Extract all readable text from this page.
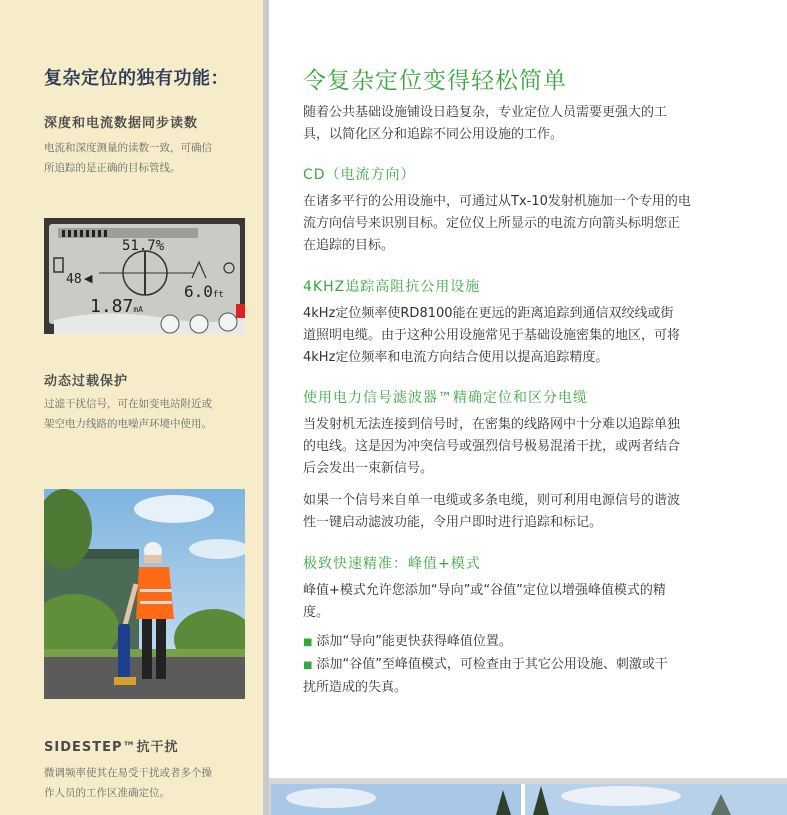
复杂定位的独有功能：
深度和电流数据同步读数
电流和深度测量的读数一致，可确信
所追踪的是正确的目标管线。
51.7%
48 ◀
1.87mA
6.0ft
动态过载保护
过滤干扰信号，可在如变电站附近或
架空电力线路的电噪声环境中使用。
SIDESTEP™抗干扰
微调频率使其在易受干扰或者多个操
作人员的工作区准确定位。
令复杂定位变得轻松简单
随着公共基础设施铺设日趋复杂，专业定位人员需要更强大的工
具，以简化区分和追踪不同公用设施的工作。
CD（电流方向）
在诸多平行的公用设施中，可通过从Tx-10发射机施加一个专用的电
流方向信号来识别目标。定位仪上所显示的电流方向箭头标明您正
在追踪的目标。
4KHZ追踪高阻抗公用设施
4kHz定位频率使RD8100能在更远的距离追踪到通信双绞线或街
道照明电缆。由于这种公用设施常见于基础设施密集的地区，可将
4kHz定位频率和电流方向结合使用以提高追踪精度。
使用电力信号滤波器™精确定位和区分电缆
当发射机无法连接到信号时，在密集的线路网中十分难以追踪单独
的电线。这是因为冲突信号或强烈信号极易混淆干扰，或两者结合
后会发出一束新信号。
如果一个信号来自单一电缆或多条电缆，则可利用电源信号的谐波
性一键启动滤波功能，令用户即时进行追踪和标记。
极致快速精准：峰值+模式
峰值+模式允许您添加“导向”或“谷值”定位以增强峰值模式的精
度。
■ 添加“导向”能更快获得峰值位置。
■ 添加“谷值”至峰值模式，可检查由于其它公用设施、刺激或干
扰所造成的失真。
